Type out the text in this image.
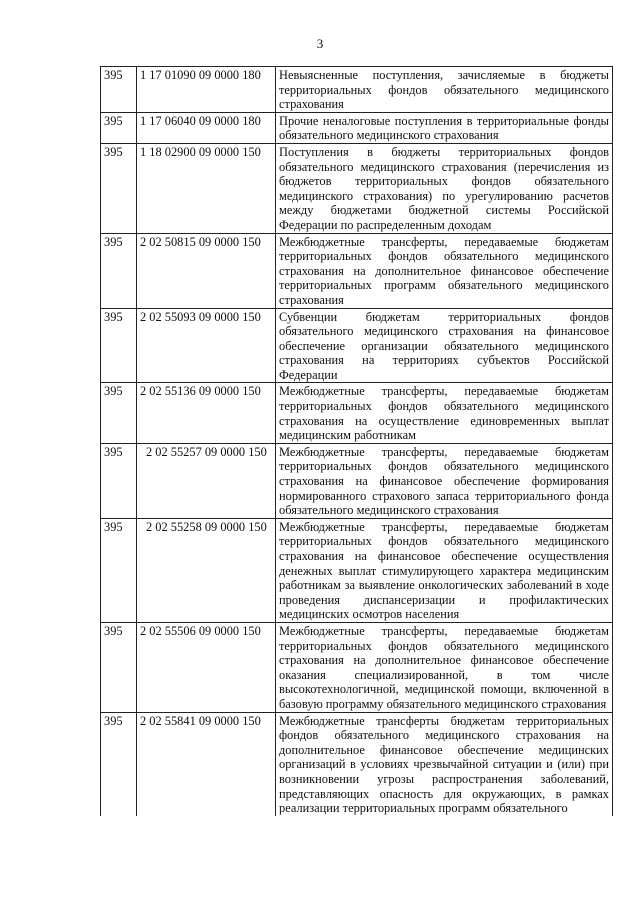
3
395	1 17 01090 09 0000 180	Невыясненные поступления, зачисляемые в бюджеты территориальных фондов обязательного медицинского страхования
395	1 17 06040 09 0000 180	Прочие неналоговые поступления в территориальные фонды обязательного медицинского страхования
395	1 18 02900 09 0000 150	Поступления в бюджеты территориальных фондов обязательного медицинского страхования (перечисления из бюджетов территориальных фондов обязательного медицинского страхования) по урегулированию расчетов между бюджетами бюджетной системы Российской Федерации по распределенным доходам
395	2 02 50815 09 0000 150	Межбюджетные трансферты, передаваемые бюджетам территориальных фондов обязательного медицинского страхования на дополнительное финансовое обеспечение территориальных программ обязательного медицинского страхования
395	2 02 55093 09 0000 150	Субвенции бюджетам территориальных фондов обязательного медицинского страхования на финансовое обеспечение организации обязательного медицинского страхования на территориях субъектов Российской Федерации
395	2 02 55136 09 0000 150	Межбюджетные трансферты, передаваемые бюджетам территориальных фондов обязательного медицинского страхования на осуществление единовременных выплат медицинским работникам
395	2 02 55257 09 0000 150	Межбюджетные трансферты, передаваемые бюджетам территориальных фондов обязательного медицинского страхования на финансовое обеспечение формирования нормированного страхового запаса территориального фонда обязательного медицинского страхования
395	2 02 55258 09 0000 150	Межбюджетные трансферты, передаваемые бюджетам территориальных фондов обязательного медицинского страхования на финансовое обеспечение осуществления денежных выплат стимулирующего характера медицинским работникам за выявление онкологических заболеваний в ходе проведения диспансеризации и профилактических медицинских осмотров населения
395	2 02 55506 09 0000 150	Межбюджетные трансферты, передаваемые бюджетам территориальных фондов обязательного медицинского страхования на дополнительное финансовое обеспечение оказания специализированной, в том числе высокотехнологичной, медицинской помощи, включенной в базовую программу обязательного медицинского страхования
395	2 02 55841 09 0000 150	Межбюджетные трансферты бюджетам территориальных фондов обязательного медицинского страхования на дополнительное финансовое обеспечение медицинских организаций в условиях чрезвычайной ситуации и (или) при возникновении угрозы распространения заболеваний, представляющих опасность для окружающих, в рамках реализации территориальных программ обязательного
